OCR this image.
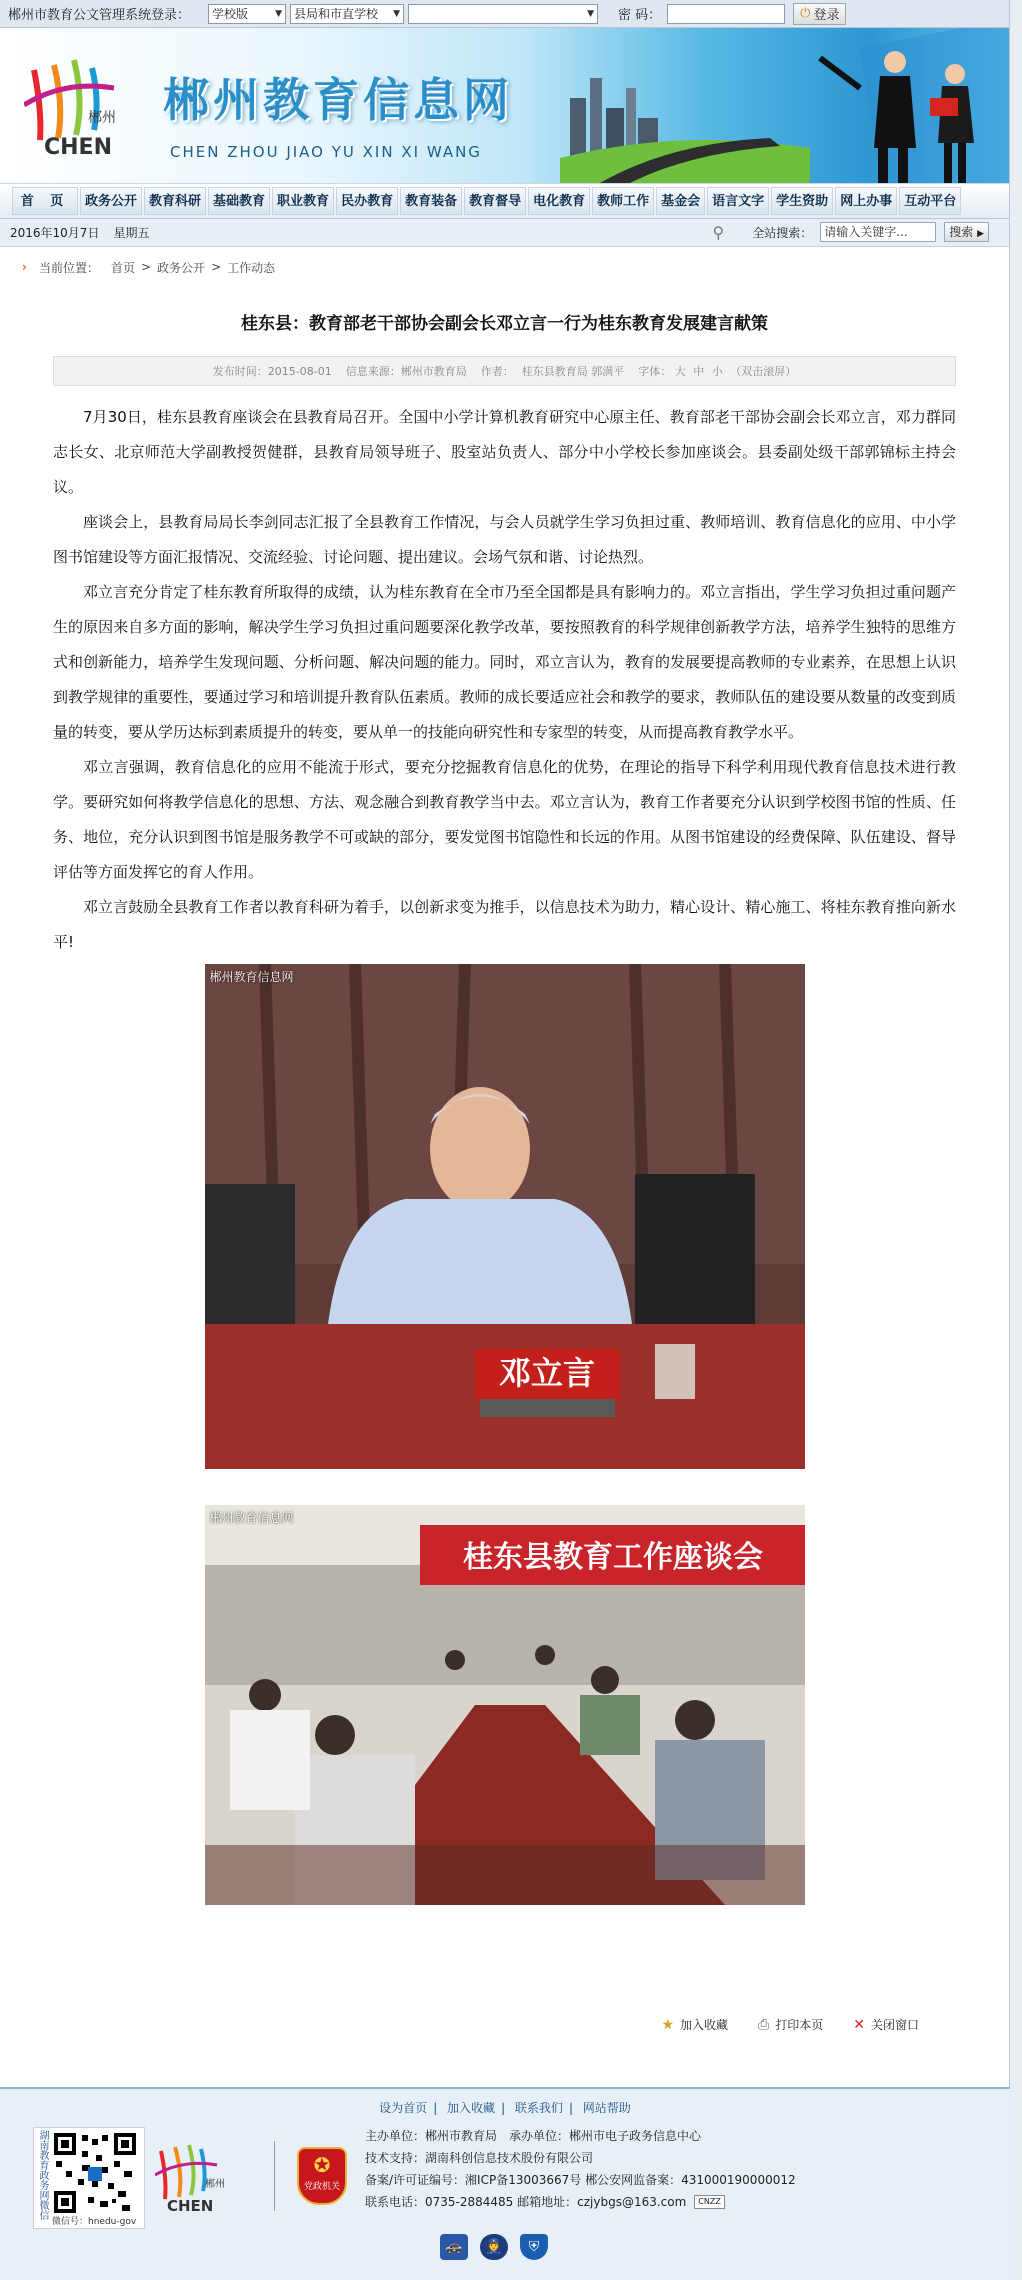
郴州市教育公文管理系统登录：	学校版	▼ 县局和市直学校 ▼	▼ 密 码：	⏻ 登录
郴州
CHEN
郴州教育信息网
CHEN ZHOU JIAO YU XIN XI WANG
首 页	政务公开 教育科研 基础教育 职业教育 民办教育 教育装备 教育督导 电化教育 教师工作 基金会 语言文字 学生资助 网上办事 互动平台
2016年10月7日 星期五	⚲ 全站搜索：	请输入关键字...	搜索 ▶
› 当前位置： 首页 > 政务公开 > 工作动态
桂东县：教育部老干部协会副会长邓立言一行为桂东教育发展建言献策
发布时间：2015-08-01 信息来源：郴州市教育局 作者： 桂东县教育局 郭满平 字体： 大 中 小 （双击滚屏）

7月30日，桂东县教育座谈会在县教育局召开。全国中小学计算机教育研究中心原主任、教育部老干部协会副会长邓立言，邓力群同志长女、北京师范大学副教授贺健群，县教育局领导班子、股室站负责人、部分中小学校长参加座谈会。县委副处级干部郭锦标主持会议。

座谈会上，县教育局局长李剑同志汇报了全县教育工作情况，与会人员就学生学习负担过重、教师培训、教育信息化的应用、中小学图书馆建设等方面汇报情况、交流经验、讨论问题、提出建议。会场气氛和谐、讨论热烈。

邓立言充分肯定了桂东教育所取得的成绩，认为桂东教育在全市乃至全国都是具有影响力的。邓立言指出，学生学习负担过重问题产生的原因来自多方面的影响，解决学生学习负担过重问题要深化教学改革，要按照教育的科学规律创新教学方法，培养学生独特的思维方式和创新能力，培养学生发现问题、分析问题、解决问题的能力。同时，邓立言认为，教育的发展要提高教师的专业素养，在思想上认识到教学规律的重要性，要通过学习和培训提升教育队伍素质。教师的成长要适应社会和教学的要求，教师队伍的建设要从数量的改变到质量的转变，要从学历达标到素质提升的转变，要从单一的技能向研究性和专家型的转变，从而提高教育教学水平。

邓立言强调，教育信息化的应用不能流于形式，要充分挖掘教育信息化的优势，在理论的指导下科学利用现代教育信息技术进行教学。要研究如何将教学信息化的思想、方法、观念融合到教育教学当中去。邓立言认为，教育工作者要充分认识到学校图书馆的性质、任务、地位，充分认识到图书馆是服务教学不可或缺的部分，要发觉图书馆隐性和长远的作用。从图书馆建设的经费保障、队伍建设、督导评估等方面发挥它的育人作用。

邓立言鼓励全县教育工作者以教育科研为着手，以创新求变为推手，以信息技术为助力，精心设计、精心施工、将桂东教育推向新水平!

邓立言
郴州教育信息网
桂东县教育工作座谈会
郴州教育信息网
★ 加入收藏 ⎙ 打印本页 ✕ 关闭窗口
设为首页 | 加入收藏 | 联系我们 | 网站帮助
湖南教育政务网微信
微信号：hnedu-gov
郴州
CHEN
✪
党政机关
主办单位：郴州市教育局　承办单位：郴州市电子政务信息中心
技术支持：湖南科创信息技术股份有限公司
备案/许可证编号：湘ICP备13003667号 郴公安网监备案：431000190000012
联系电话：0735-2884485 邮箱地址：czjybgs@163.com	CNZZ
🚓	👮	⛨
